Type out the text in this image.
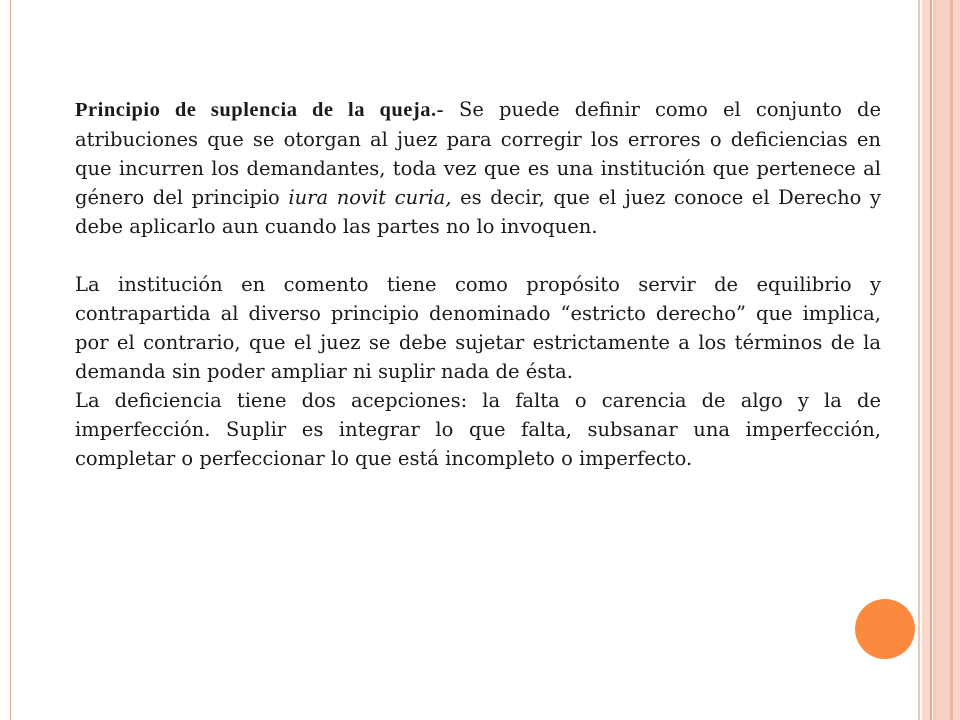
Principio de suplencia de la queja.- Se puede definir como el conjunto de atribuciones que se otorgan al juez para corregir los errores o deficiencias en que incurren los demandantes, toda vez que es una institución que pertenece al género del principio iura novit curia, es decir, que el juez conoce el Derecho y debe aplicarlo aun cuando las partes no lo invoquen.

La institución en comento tiene como propósito servir de equilibrio y contrapartida al diverso principio denominado “estricto derecho” que implica, por el contrario, que el juez se debe sujetar estrictamente a los términos de la demanda sin poder ampliar ni suplir nada de ésta.

La deficiencia tiene dos acepciones: la falta o carencia de algo y la de imperfección. Suplir es integrar lo que falta, subsanar una imperfección, completar o perfeccionar lo que está incompleto o imperfecto.
